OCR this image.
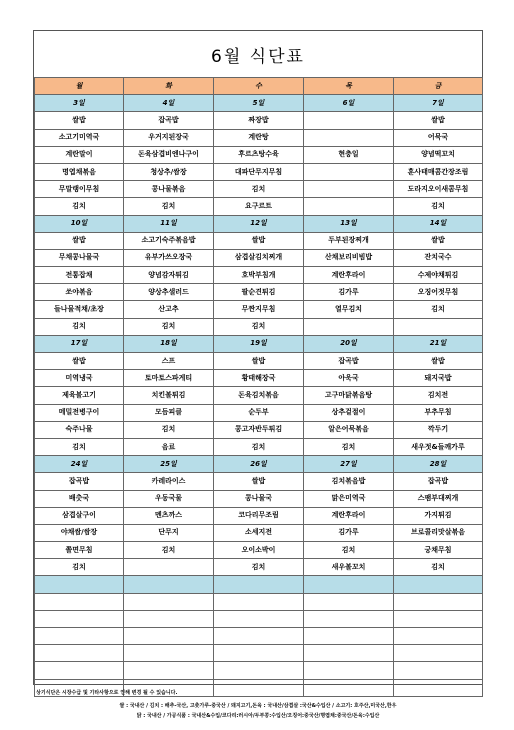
6월 식단표
월	화	수	목	금
3일	4일	5일	6일	7일
쌀밥	잡곡밥	짜장밥		쌀밥
소고기미역국	우거지된장국	계란탕		어묵국
계란말이	돈육삼겹비엔나구이	후르츠탕수육	현충일	양념떡꼬치
명엽채볶음	청상추/쌈장	대파단무지무침		훈사태매콤간장조림
무말랭이무침	콩나물볶음	김치		도라지오이새콤무침
김치	김치	요구르트		김치
10일	11일	12일	13일	14일
쌀밥	소고기숙주볶음밥	쌀밥	두부된장찌개	쌀밥
무채콩나물국	유부가쓰오장국	삼겹살김치찌개	산채보리비빔밥	잔치국수
전통잡채	양념감자튀김	호박부침개	계란후라이	수제야채튀김
쏘야볶음	양상추샐러드	팔순견튀김	김가루	오징어젓무침
들나물적채/초장	산고추	무짠지무침	열무김치	김치
김치	김치	김치		
17일	18일	19일	20일	21일
쌀밥	스프	쌀밥	잡곡밥	쌀밥
미역냉국	토마토스파게티	황태해장국	아욱국	돼지국밥
제육불고기	치킨볼튀김	돈육김치볶음	고구마닭볶음탕	김치전
메밀전병구이	모듬피클	순두부	상추겉절이	부추무침
숙주나물	김치	콩고자반두튀김	알은어묵볶음	깍두기
김치	음료	김치	김치	새우젓&들깨가루
24일	25일	26일	27일	28일
잡곡밥	카레라이스	쌀밥	김치볶음밥	잡곡밥
배춧국	우동국물	콩나물국	맑은미역국	스팸부대찌개
삼겹살구이	멘츠까스	코다리무조림	계란후라이	가지튀김
야채쌈/쌈장	단무지	소세지전	김가루	브로콜리맛살볶음
쫄면무침	김치	오이소박이	김치	궁채무침
김치		김치	새우볼꼬치	김치

상기식단은 시장수급 및 기타사항으로 인해 변경 될 수 있습니다.
쌀 : 국내산 / 김치 : 배추-국산, 고춧가루-중국산 / 돼지고기,돈육 : 국내산/삼겹살 :국산&수입산 / 소고기: 호주산,미국산,한우
닭 : 국내산 / 가공식품 : 국내산&수입/코다리:러시아/두부콩:수입산/오징어:중국산/명엽채:중국산/돈육:수입산
